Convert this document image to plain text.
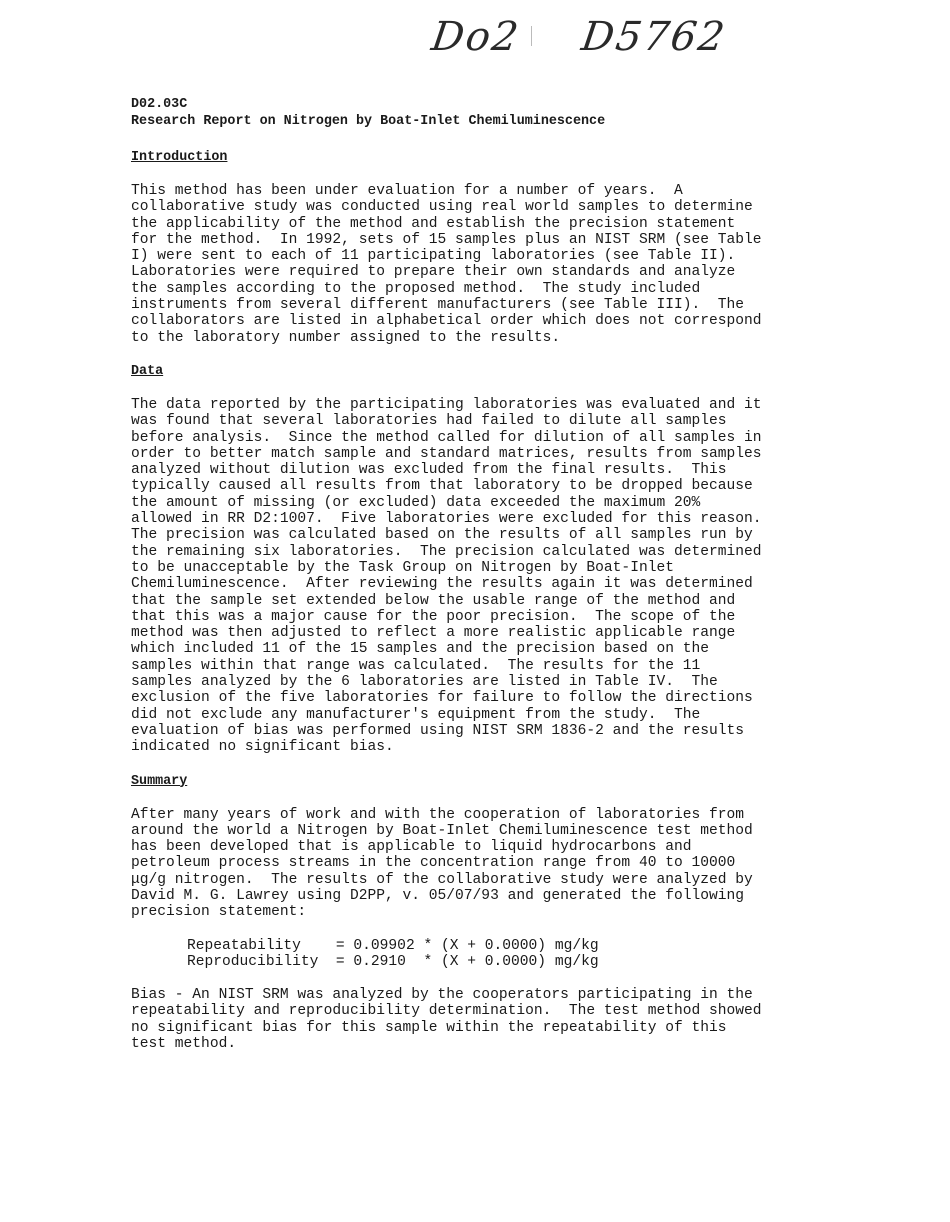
Do2 D5762

D02.03C

Research Report on Nitrogen by Boat-Inlet Chemiluminescence

Introduction

This method has been under evaluation for a number of years.  A
collaborative study was conducted using real world samples to determine
the applicability of the method and establish the precision statement
for the method.  In 1992, sets of 15 samples plus an NIST SRM (see Table
I) were sent to each of 11 participating laboratories (see Table II).
Laboratories were required to prepare their own standards and analyze
the samples according to the proposed method.  The study included
instruments from several different manufacturers (see Table III).  The
collaborators are listed in alphabetical order which does not correspond
to the laboratory number assigned to the results.

Data

The data reported by the participating laboratories was evaluated and it
was found that several laboratories had failed to dilute all samples
before analysis.  Since the method called for dilution of all samples in
order to better match sample and standard matrices, results from samples
analyzed without dilution was excluded from the final results.  This
typically caused all results from that laboratory to be dropped because
the amount of missing (or excluded) data exceeded the maximum 20%
allowed in RR D2:1007.  Five laboratories were excluded for this reason.
The precision was calculated based on the results of all samples run by
the remaining six laboratories.  The precision calculated was determined
to be unacceptable by the Task Group on Nitrogen by Boat-Inlet
Chemiluminescence.  After reviewing the results again it was determined
that the sample set extended below the usable range of the method and
that this was a major cause for the poor precision.  The scope of the
method was then adjusted to reflect a more realistic applicable range
which included 11 of the 15 samples and the precision based on the
samples within that range was calculated.  The results for the 11
samples analyzed by the 6 laboratories are listed in Table IV.  The
exclusion of the five laboratories for failure to follow the directions
did not exclude any manufacturer's equipment from the study.  The
evaluation of bias was performed using NIST SRM 1836-2 and the results
indicated no significant bias.

Summary

After many years of work and with the cooperation of laboratories from
around the world a Nitrogen by Boat-Inlet Chemiluminescence test method
has been developed that is applicable to liquid hydrocarbons and
petroleum process streams in the concentration range from 40 to 10000
μg/g nitrogen.  The results of the collaborative study were analyzed by
David M. G. Lawrey using D2PP, v. 05/07/93 and generated the following
precision statement:

Repeatability    = 0.09902 * (X + 0.0000) mg/kg

Reproducibility  = 0.2910  * (X + 0.0000) mg/kg

Bias - An NIST SRM was analyzed by the cooperators participating in the
repeatability and reproducibility determination.  The test method showed
no significant bias for this sample within the repeatability of this
test method.
